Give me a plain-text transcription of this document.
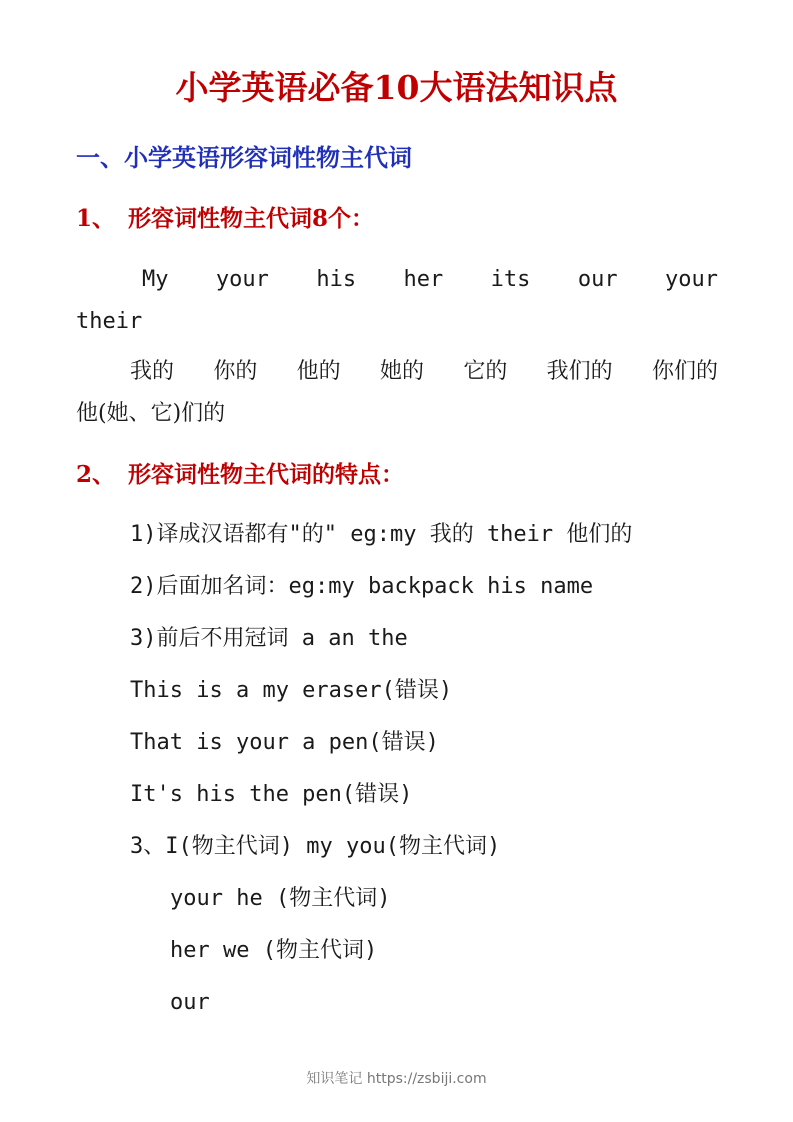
小学英语必备10大语法知识点
一、小学英语形容词性物主代词
1、 形容词性物主代词8个：
My your his her its our your
their
我的 你的 他的 她的 它的 我们的 你们的
他(她、它)们的
2、 形容词性物主代词的特点：
1)译成汉语都有"的" eg:my 我的 their 他们的
2)后面加名词：eg:my backpack his name
3)前后不用冠词 a an the
This is a my eraser(错误)
That is your a pen(错误)
It's his the pen(错误)
3、I(物主代词) my you(物主代词)
your he (物主代词)
her we (物主代词)
our
知识笔记 https://zsbiji.com
